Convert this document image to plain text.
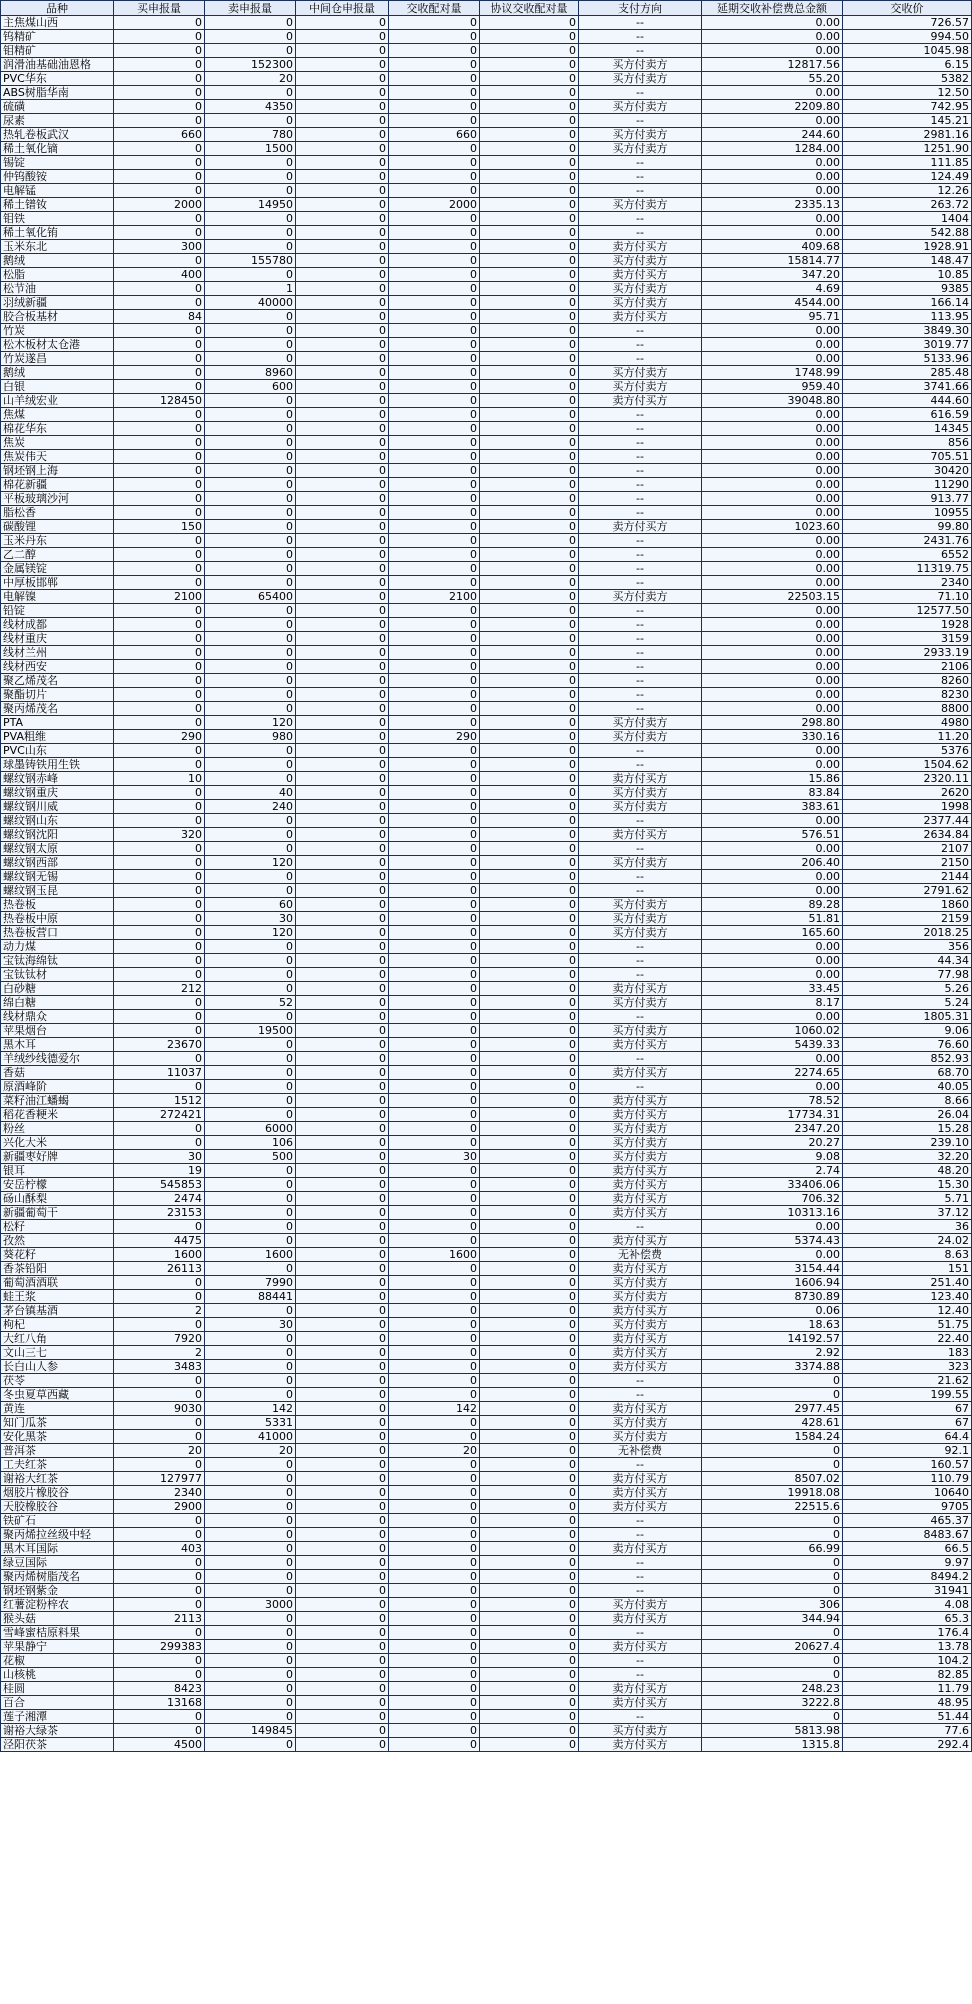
品种	买申报量	卖申报量	中间仓申报量	交收配对量	协议交收配对量	支付方向	延期交收补偿费总金额	交收价
主焦煤山西	0	0	0	0	0	--	0.00	726.57
钨精矿	0	0	0	0	0	--	0.00	994.50
钼精矿	0	0	0	0	0	--	0.00	1045.98
润滑油基础油恩格	0	152300	0	0	0	买方付卖方	12817.56	6.15
PVC华东	0	20	0	0	0	买方付卖方	55.20	5382
ABS树脂华南	0	0	0	0	0	--	0.00	12.50
硫磺	0	4350	0	0	0	买方付卖方	2209.80	742.95
尿素	0	0	0	0	0	--	0.00	145.21
热轧卷板武汉	660	780	0	660	0	买方付卖方	244.60	2981.16
稀土氧化镝	0	1500	0	0	0	买方付卖方	1284.00	1251.90
锡锭	0	0	0	0	0	--	0.00	111.85
仲钨酸铵	0	0	0	0	0	--	0.00	124.49
电解锰	0	0	0	0	0	--	0.00	12.26
稀土镨钕	2000	14950	0	2000	0	买方付卖方	2335.13	263.72
钼铁	0	0	0	0	0	--	0.00	1404
稀土氧化铕	0	0	0	0	0	--	0.00	542.88
玉米东北	300	0	0	0	0	卖方付买方	409.68	1928.91
鹅绒	0	155780	0	0	0	买方付卖方	15814.77	148.47
松脂	400	0	0	0	0	卖方付买方	347.20	10.85
松节油	0	1	0	0	0	买方付卖方	4.69	9385
羽绒新疆	0	40000	0	0	0	买方付卖方	4544.00	166.14
胶合板基材	84	0	0	0	0	卖方付买方	95.71	113.95
竹炭	0	0	0	0	0	--	0.00	3849.30
松木板材太仓港	0	0	0	0	0	--	0.00	3019.77
竹炭遂昌	0	0	0	0	0	--	0.00	5133.96
鹅绒	0	8960	0	0	0	买方付卖方	1748.99	285.48
白银	0	600	0	0	0	买方付卖方	959.40	3741.66
山羊绒宏业	128450	0	0	0	0	卖方付买方	39048.80	444.60
焦煤	0	0	0	0	0	--	0.00	616.59
棉花华东	0	0	0	0	0	--	0.00	14345
焦炭	0	0	0	0	0	--	0.00	856
焦炭伟天	0	0	0	0	0	--	0.00	705.51
钢坯钢上海	0	0	0	0	0	--	0.00	30420
棉花新疆	0	0	0	0	0	--	0.00	11290
平板玻璃沙河	0	0	0	0	0	--	0.00	913.77
脂松香	0	0	0	0	0	--	0.00	10955
碳酸锂	150	0	0	0	0	卖方付买方	1023.60	99.80
玉米丹东	0	0	0	0	0	--	0.00	2431.76
乙二醇	0	0	0	0	0	--	0.00	6552
金属镁锭	0	0	0	0	0	--	0.00	11319.75
中厚板邯郸	0	0	0	0	0	--	0.00	2340
电解镍	2100	65400	0	2100	0	买方付卖方	22503.15	71.10
铅锭	0	0	0	0	0	--	0.00	12577.50
线材成都	0	0	0	0	0	--	0.00	1928
线材重庆	0	0	0	0	0	--	0.00	3159
线材兰州	0	0	0	0	0	--	0.00	2933.19
线材西安	0	0	0	0	0	--	0.00	2106
聚乙烯茂名	0	0	0	0	0	--	0.00	8260
聚酯切片	0	0	0	0	0	--	0.00	8230
聚丙烯茂名	0	0	0	0	0	--	0.00	8800
PTA	0	120	0	0	0	买方付卖方	298.80	4980
PVA粗维	290	980	0	290	0	买方付卖方	330.16	11.20
PVC山东	0	0	0	0	0	--	0.00	5376
球墨铸铁用生铁	0	0	0	0	0	--	0.00	1504.62
螺纹钢赤峰	10	0	0	0	0	卖方付买方	15.86	2320.11
螺纹钢重庆	0	40	0	0	0	买方付卖方	83.84	2620
螺纹钢川威	0	240	0	0	0	买方付卖方	383.61	1998
螺纹钢山东	0	0	0	0	0	--	0.00	2377.44
螺纹钢沈阳	320	0	0	0	0	卖方付买方	576.51	2634.84
螺纹钢太原	0	0	0	0	0	--	0.00	2107
螺纹钢西部	0	120	0	0	0	买方付卖方	206.40	2150
螺纹钢无锡	0	0	0	0	0	--	0.00	2144
螺纹钢玉昆	0	0	0	0	0	--	0.00	2791.62
热卷板	0	60	0	0	0	买方付卖方	89.28	1860
热卷板中原	0	30	0	0	0	买方付卖方	51.81	2159
热卷板营口	0	120	0	0	0	买方付卖方	165.60	2018.25
动力煤	0	0	0	0	0	--	0.00	356
宝钛海绵钛	0	0	0	0	0	--	0.00	44.34
宝钛钛材	0	0	0	0	0	--	0.00	77.98
白砂糖	212	0	0	0	0	卖方付买方	33.45	5.26
绵白糖	0	52	0	0	0	买方付卖方	8.17	5.24
线材鼎众	0	0	0	0	0	--	0.00	1805.31
苹果烟台	0	19500	0	0	0	买方付卖方	1060.02	9.06
黑木耳	23670	0	0	0	0	卖方付买方	5439.33	76.60
羊绒纱线德爱尔	0	0	0	0	0	--	0.00	852.93
香菇	11037	0	0	0	0	卖方付买方	2274.65	68.70
原酒峰阶	0	0	0	0	0	--	0.00	40.05
菜籽油江蟠蝎	1512	0	0	0	0	卖方付买方	78.52	8.66
稻花香粳米	272421	0	0	0	0	卖方付买方	17734.31	26.04
粉丝	0	6000	0	0	0	买方付卖方	2347.20	15.28
兴化大米	0	106	0	0	0	买方付卖方	20.27	239.10
新疆枣好牌	30	500	0	30	0	买方付卖方	9.08	32.20
银耳	19	0	0	0	0	卖方付买方	2.74	48.20
安岳柠檬	545853	0	0	0	0	卖方付买方	33406.06	15.30
砀山酥梨	2474	0	0	0	0	卖方付买方	706.32	5.71
新疆葡萄干	23153	0	0	0	0	卖方付买方	10313.16	37.12
松籽	0	0	0	0	0	--	0.00	36
孜然	4475	0	0	0	0	卖方付买方	5374.43	24.02
葵花籽	1600	1600	0	1600	0	无补偿费	0.00	8.63
香茶铅阳	26113	0	0	0	0	卖方付买方	3154.44	151
葡萄酒酒联	0	7990	0	0	0	买方付卖方	1606.94	251.40
蛙王浆	0	88441	0	0	0	买方付卖方	8730.89	123.40
茅台镇基酒	2	0	0	0	0	卖方付买方	0.06	12.40
枸杞	0	30	0	0	0	买方付卖方	18.63	51.75
大红八角	7920	0	0	0	0	卖方付买方	14192.57	22.40
文山三七	2	0	0	0	0	卖方付买方	2.92	183
长白山人参	3483	0	0	0	0	卖方付买方	3374.88	323
茯苓	0	0	0	0	0	--	0	21.62
冬虫夏草西藏	0	0	0	0	0	--	0	199.55
黄连	9030	142	0	142	0	卖方付买方	2977.45	67
知门瓜茶	0	5331	0	0	0	买方付卖方	428.61	67
安化黑茶	0	41000	0	0	0	买方付卖方	1584.24	64.4
普洱茶	20	20	0	20	0	无补偿费	0	92.1
工夫红茶	0	0	0	0	0	--	0	160.57
谢裕大红茶	127977	0	0	0	0	卖方付买方	8507.02	110.79
烟胶片橡胶谷	2340	0	0	0	0	卖方付买方	19918.08	10640
天胶橡胶谷	2900	0	0	0	0	卖方付买方	22515.6	9705
铁矿石	0	0	0	0	0	--	0	465.37
聚丙烯拉丝级中轻	0	0	0	0	0	--	0	8483.67
黑木耳国际	403	0	0	0	0	卖方付买方	66.99	66.5
绿豆国际	0	0	0	0	0	--	0	9.97
聚丙烯树脂茂名	0	0	0	0	0	--	0	8494.2
钢坯钢紫金	0	0	0	0	0	--	0	31941
红薯淀粉梓农	0	3000	0	0	0	买方付卖方	306	4.08
猴头菇	2113	0	0	0	0	卖方付买方	344.94	65.3
雪峰蜜桔原料果	0	0	0	0	0	--	0	176.4
苹果静宁	299383	0	0	0	0	卖方付买方	20627.4	13.78
花椒	0	0	0	0	0	--	0	104.2
山核桃	0	0	0	0	0	--	0	82.85
桂圆	8423	0	0	0	0	卖方付买方	248.23	11.79
百合	13168	0	0	0	0	卖方付买方	3222.8	48.95
莲子湘潭	0	0	0	0	0	--	0	51.44
谢裕大绿茶	0	149845	0	0	0	买方付卖方	5813.98	77.6
泾阳茯茶	4500	0	0	0	0	卖方付买方	1315.8	292.4
